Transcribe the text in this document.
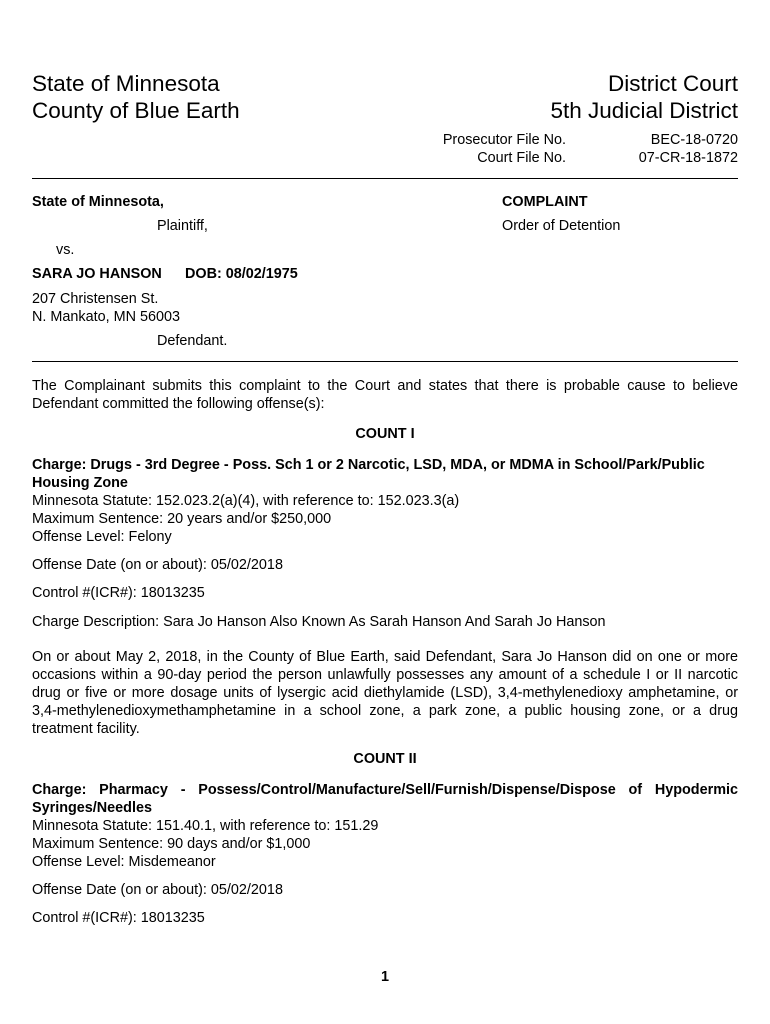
State of Minnesota
County of Blue Earth
District Court
5th Judicial District
Prosecutor File No.	BEC-18-0720
Court File No.	07-CR-18-1872
State of Minnesota,
Plaintiff,
COMPLAINT
Order of Detention
vs.
SARA JO HANSON DOB: 08/02/1975
207 Christensen St.
N. Mankato, MN 56003
Defendant.
The Complainant submits this complaint to the Court and states that there is probable cause to believe Defendant committed the following offense(s):
COUNT I
Charge: Drugs - 3rd Degree - Poss. Sch 1 or 2 Narcotic, LSD, MDA, or MDMA in School/Park/Public
Housing Zone
Minnesota Statute: 152.023.2(a)(4), with reference to: 152.023.3(a)
Maximum Sentence: 20 years and/or $250,000
Offense Level: Felony
Offense Date (on or about): 05/02/2018
Control #(ICR#): 18013235
Charge Description: Sara Jo Hanson Also Known As Sarah Hanson And Sarah Jo Hanson
On or about May 2, 2018, in the County of Blue Earth, said Defendant, Sara Jo Hanson did on one or more occasions within a 90-day period the person unlawfully possesses any amount of a schedule I or II narcotic drug or five or more dosage units of lysergic acid diethylamide (LSD), 3,4-methylenedioxy amphetamine, or 3,4-methylenedioxymethamphetamine in a school zone, a park zone, a public housing zone, or a drug treatment facility.
COUNT II
Charge: Pharmacy - Possess/Control/Manufacture/Sell/Furnish/Dispense/Dispose of Hypodermic
Syringes/Needles
Minnesota Statute: 151.40.1, with reference to: 151.29
Maximum Sentence: 90 days and/or $1,000
Offense Level: Misdemeanor
Offense Date (on or about): 05/02/2018
Control #(ICR#): 18013235
1
